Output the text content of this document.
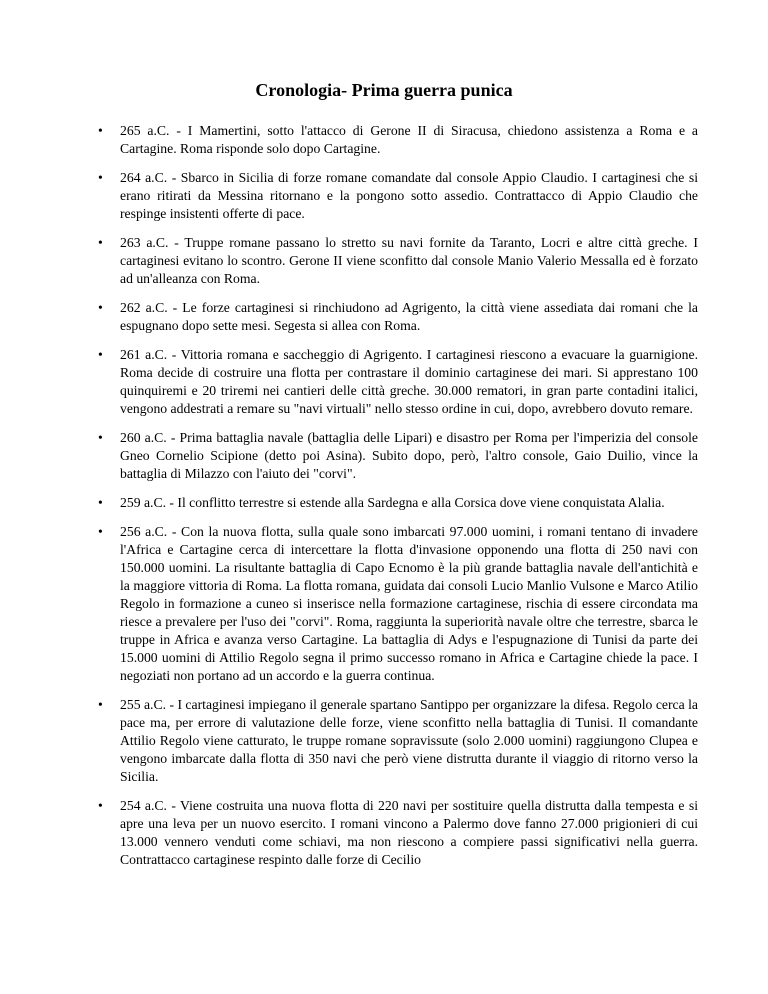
Cronologia- Prima guerra punica
•	265 a.C. - I Mamertini, sotto l'attacco di Gerone II di Siracusa, chiedono assistenza a Roma e a Cartagine. Roma risponde solo dopo Cartagine.
•	264 a.C. - Sbarco in Sicilia di forze romane comandate dal console Appio Claudio. I cartaginesi che si erano ritirati da Messina ritornano e la pongono sotto assedio. Contrattacco di Appio Claudio che respinge insistenti offerte di pace.
•	263 a.C. - Truppe romane passano lo stretto su navi fornite da Taranto, Locri e altre città greche. I cartaginesi evitano lo scontro. Gerone II viene sconfitto dal console Manio Valerio Messalla ed è forzato ad un'alleanza con Roma.
•	262 a.C. - Le forze cartaginesi si rinchiudono ad Agrigento, la città viene assediata dai romani che la espugnano dopo sette mesi. Segesta si allea con Roma.
•	261 a.C. - Vittoria romana e saccheggio di Agrigento. I cartaginesi riescono a evacuare la guarnigione. Roma decide di costruire una flotta per contrastare il dominio cartaginese dei mari. Si apprestano 100 quinquiremi e 20 triremi nei cantieri delle città greche. 30.000 rematori, in gran parte contadini italici, vengono addestrati a remare su "navi virtuali" nello stesso ordine in cui, dopo, avrebbero dovuto remare.
•	260 a.C. - Prima battaglia navale (battaglia delle Lipari) e disastro per Roma per l'imperizia del console Gneo Cornelio Scipione (detto poi Asina). Subito dopo, però, l'altro console, Gaio Duilio, vince la battaglia di Milazzo con l'aiuto dei "corvi".
•	259 a.C. - Il conflitto terrestre si estende alla Sardegna e alla Corsica dove viene conquistata Alalia.
•	256 a.C. - Con la nuova flotta, sulla quale sono imbarcati 97.000 uomini, i romani tentano di invadere l'Africa e Cartagine cerca di intercettare la flotta d'invasione opponendo una flotta di 250 navi con 150.000 uomini. La risultante battaglia di Capo Ecnomo è la più grande battaglia navale dell'antichità e la maggiore vittoria di Roma. La flotta romana, guidata dai consoli Lucio Manlio Vulsone e Marco Atilio Regolo in formazione a cuneo si inserisce nella formazione cartaginese, rischia di essere circondata ma riesce a prevalere per l'uso dei "corvi". Roma, raggiunta la superiorità navale oltre che terrestre, sbarca le truppe in Africa e avanza verso Cartagine. La battaglia di Adys e l'espugnazione di Tunisi da parte dei 15.000 uomini di Attilio Regolo segna il primo successo romano in Africa e Cartagine chiede la pace. I negoziati non portano ad un accordo e la guerra continua.
•	255 a.C. - I cartaginesi impiegano il generale spartano Santippo per organizzare la difesa. Regolo cerca la pace ma, per errore di valutazione delle forze, viene sconfitto nella battaglia di Tunisi. Il comandante Attilio Regolo viene catturato, le truppe romane sopravissute (solo 2.000 uomini) raggiungono Clupea e vengono imbarcate dalla flotta di 350 navi che però viene distrutta durante il viaggio di ritorno verso la Sicilia.
•	254 a.C. - Viene costruita una nuova flotta di 220 navi per sostituire quella distrutta dalla tempesta e si apre una leva per un nuovo esercito. I romani vincono a Palermo dove fanno 27.000 prigionieri di cui 13.000 vennero venduti come schiavi, ma non riescono a compiere passi significativi nella guerra. Contrattacco cartaginese respinto dalle forze di Cecilio
